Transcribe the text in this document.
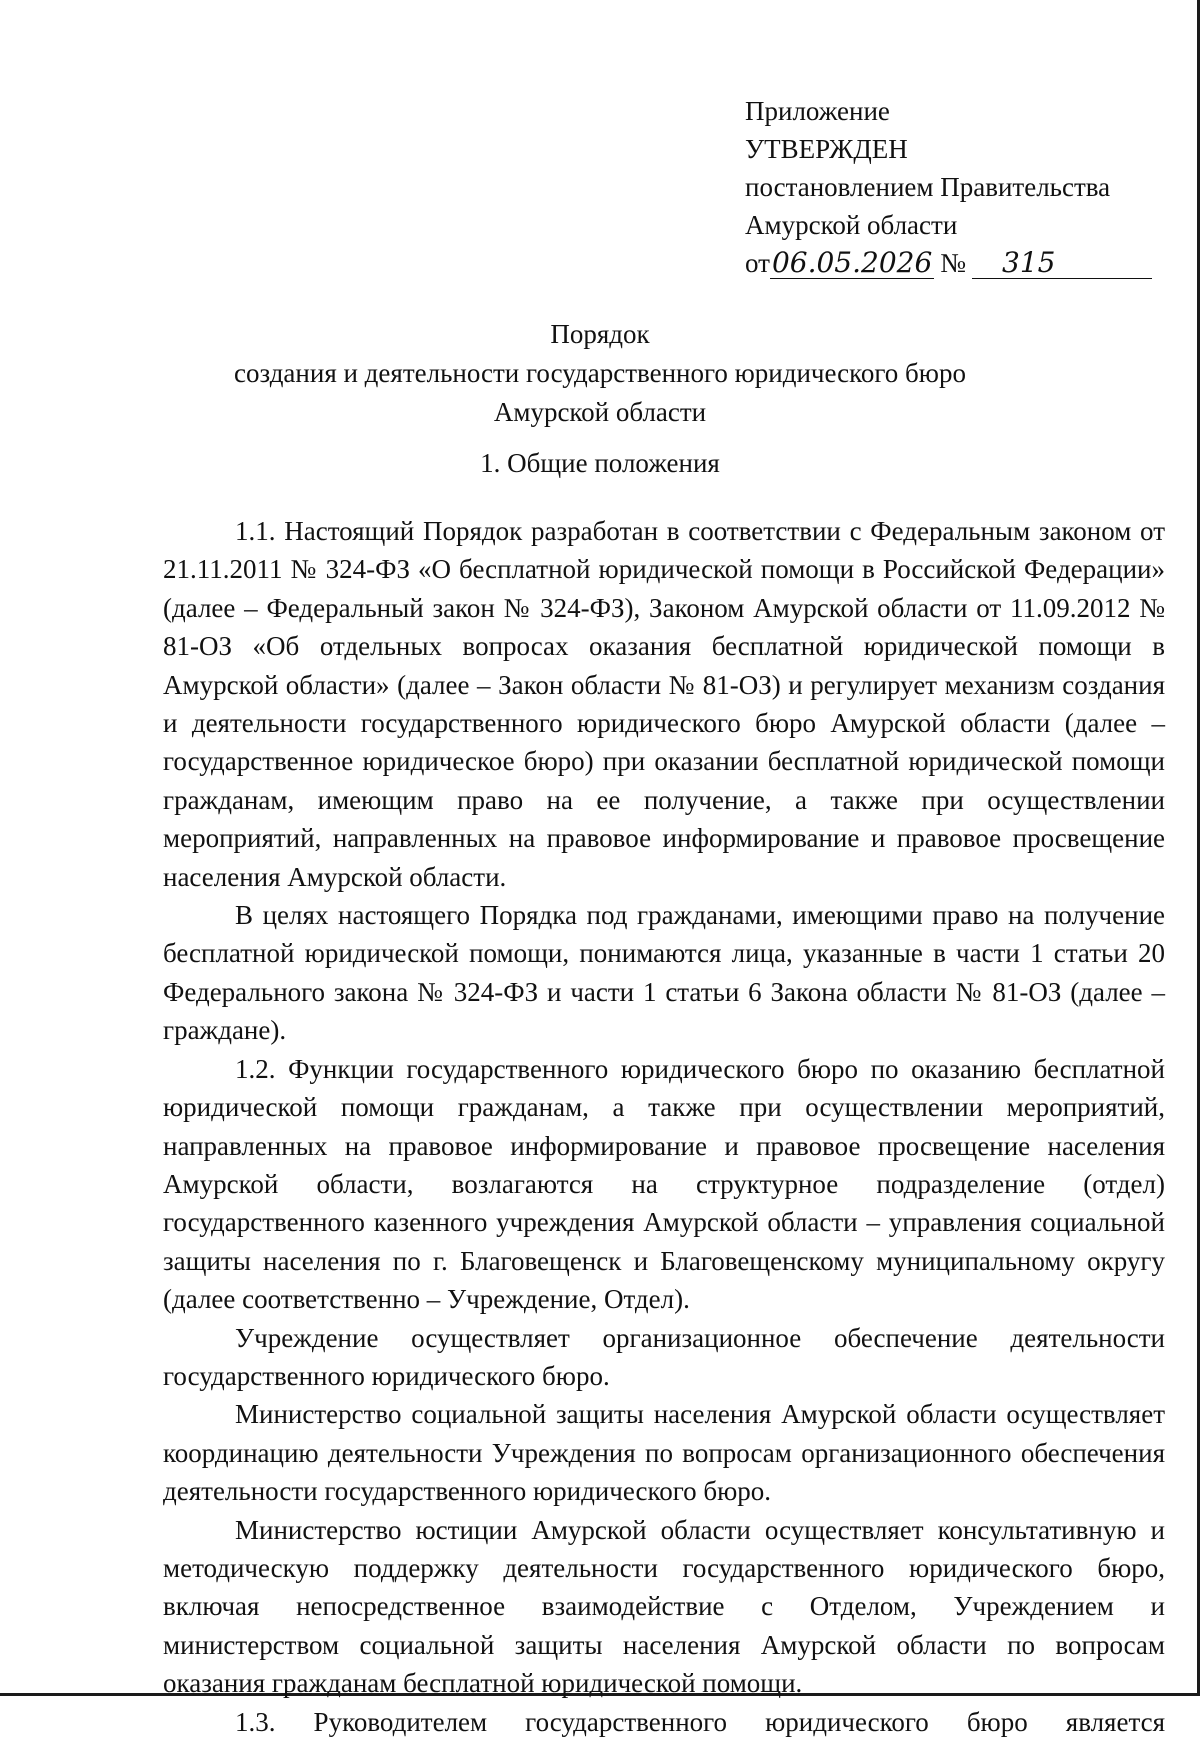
Приложение
УТВЕРЖДЕН
постановлением Правительства
Амурской области
от 06.05.2026 №	315
Порядок
создания и деятельности государственного юридического бюро
Амурской области
1. Общие положения

1.1. Настоящий Порядок разработан в соответствии с Федеральным законом от 21.11.2011 № 324-ФЗ «О бесплатной юридической помощи в Российской Федерации» (далее – Федеральный закон № 324-ФЗ), Законом Амурской области от 11.09.2012 № 81-ОЗ «Об отдельных вопросах оказания бесплатной юридической помощи в Амурской области» (далее – Закон области № 81-ОЗ) и регулирует механизм создания и деятельности государственного юридического бюро Амурской области (далее – государственное юридическое бюро) при оказании бесплатной юридической помощи гражданам, имеющим право на ее получение, а также при осуществлении мероприятий, направленных на правовое информирование и правовое просвещение населения Амурской области.

В целях настоящего Порядка под гражданами, имеющими право на получение бесплатной юридической помощи, понимаются лица, указанные в части 1 статьи 20 Федерального закона № 324-ФЗ и части 1 статьи 6 Закона области № 81-ОЗ (далее – граждане).

1.2. Функции государственного юридического бюро по оказанию бесплатной юридической помощи гражданам, а также при осуществлении мероприятий, направленных на правовое информирование и правовое просвещение населения Амурской области, возлагаются на структурное подразделение (отдел) государственного казенного учреждения Амурской области – управления социальной защиты населения по г. Благовещенск и Благовещенскому муниципальному округу (далее соответственно – Учреждение, Отдел).

Учреждение осуществляет организационное обеспечение деятельности государственного юридического бюро.

Министерство социальной защиты населения Амурской области осуществляет координацию деятельности Учреждения по вопросам организационного обеспечения деятельности государственного юридического бюро.

Министерство юстиции Амурской области осуществляет консультативную и методическую поддержку деятельности государственного юридического бюро, включая непосредственное взаимодействие с Отделом, Учреждением и министерством социальной защиты населения Амурской области по вопросам оказания гражданам бесплатной юридической помощи.

1.3. Руководителем государственного юридического бюро является
